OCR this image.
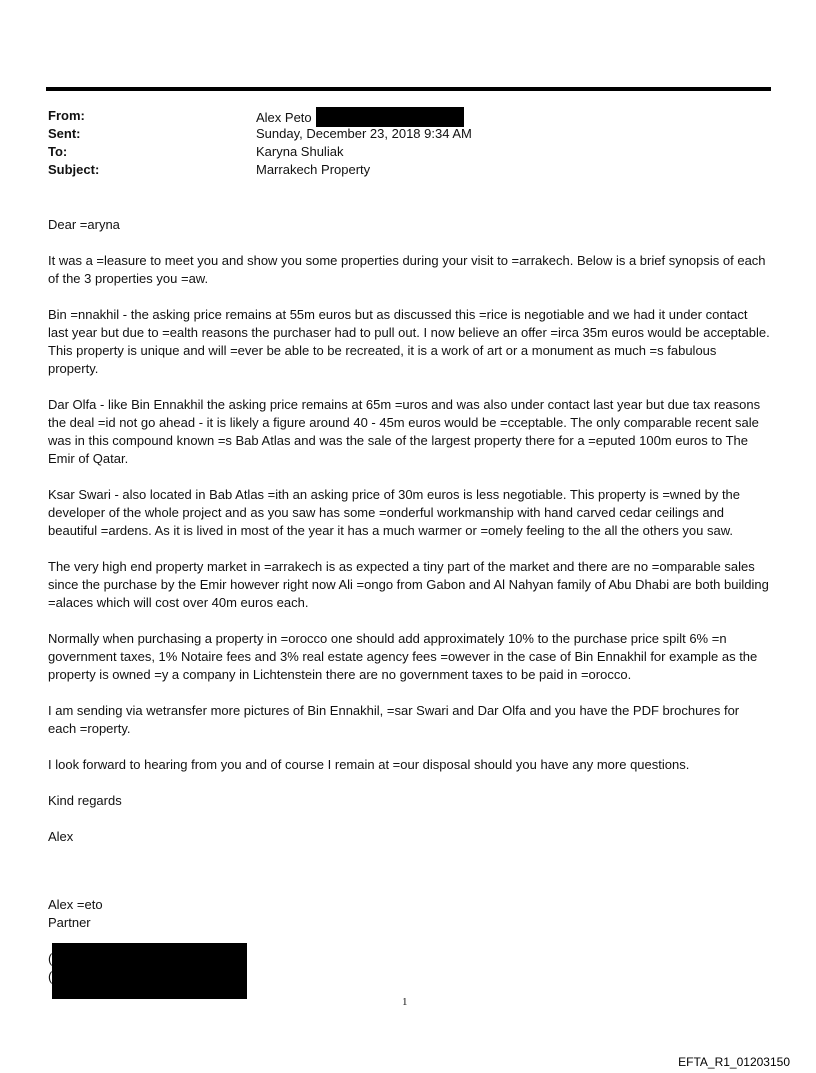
From:	Alex Peto
Sent:	Sunday, December 23, 2018 9:34 AM
To:	Karyna Shuliak
Subject:	Marrakech Property

Dear =aryna

It was a =leasure to meet you and show you some properties during your visit to =arrakech. Below is a brief synopsis of each of the 3 properties you =aw.

Bin =nnakhil - the asking price remains at 55m euros but as discussed this =rice is negotiable and we had it under contact last year but due to =ealth reasons the purchaser had to pull out. I now believe an offer =irca 35m euros would be acceptable. This property is unique and will =ever be able to be recreated, it is a work of art or a monument as much =s fabulous property.

Dar Olfa - like Bin Ennakhil the asking price remains at 65m =uros and was also under contact last year but due tax reasons the deal =id not go ahead - it is likely a figure around 40 - 45m euros would be =cceptable. The only comparable recent sale was in this compound known =s Bab Atlas and was the sale of the largest property there for a =eputed 100m euros to The Emir of Qatar.

Ksar Swari - also located in Bab Atlas =ith an asking price of 30m euros is less negotiable. This property is =wned by the developer of the whole project and as you saw has some =onderful workmanship with hand carved cedar ceilings and beautiful =ardens. As it is lived in most of the year it has a much warmer or =omely feeling to the all the others you saw.

The very high end property market in =arrakech is as expected a tiny part of the market and there are no =omparable sales since the purchase by the Emir however right now Ali =ongo from Gabon and Al Nahyan family of Abu Dhabi are both building =alaces which will cost over 40m euros each.

Normally when purchasing a property in =orocco one should add approximately 10% to the purchase price spilt 6% =n government taxes, 1% Notaire fees and 3% real estate agency fees =owever in the case of Bin Ennakhil for example as the property is owned =y a company in Lichtenstein there are no government taxes to be paid in =orocco.

I am sending via wetransfer more pictures of Bin Ennakhil, =sar Swari and Dar Olfa and you have the PDF brochures for each =roperty.

I look forward to hearing from you and of course I remain at =our disposal should you have any more questions.

Kind regards

Alex

Alex =eto
Partner
(
(
1
EFTA_R1_01203150
